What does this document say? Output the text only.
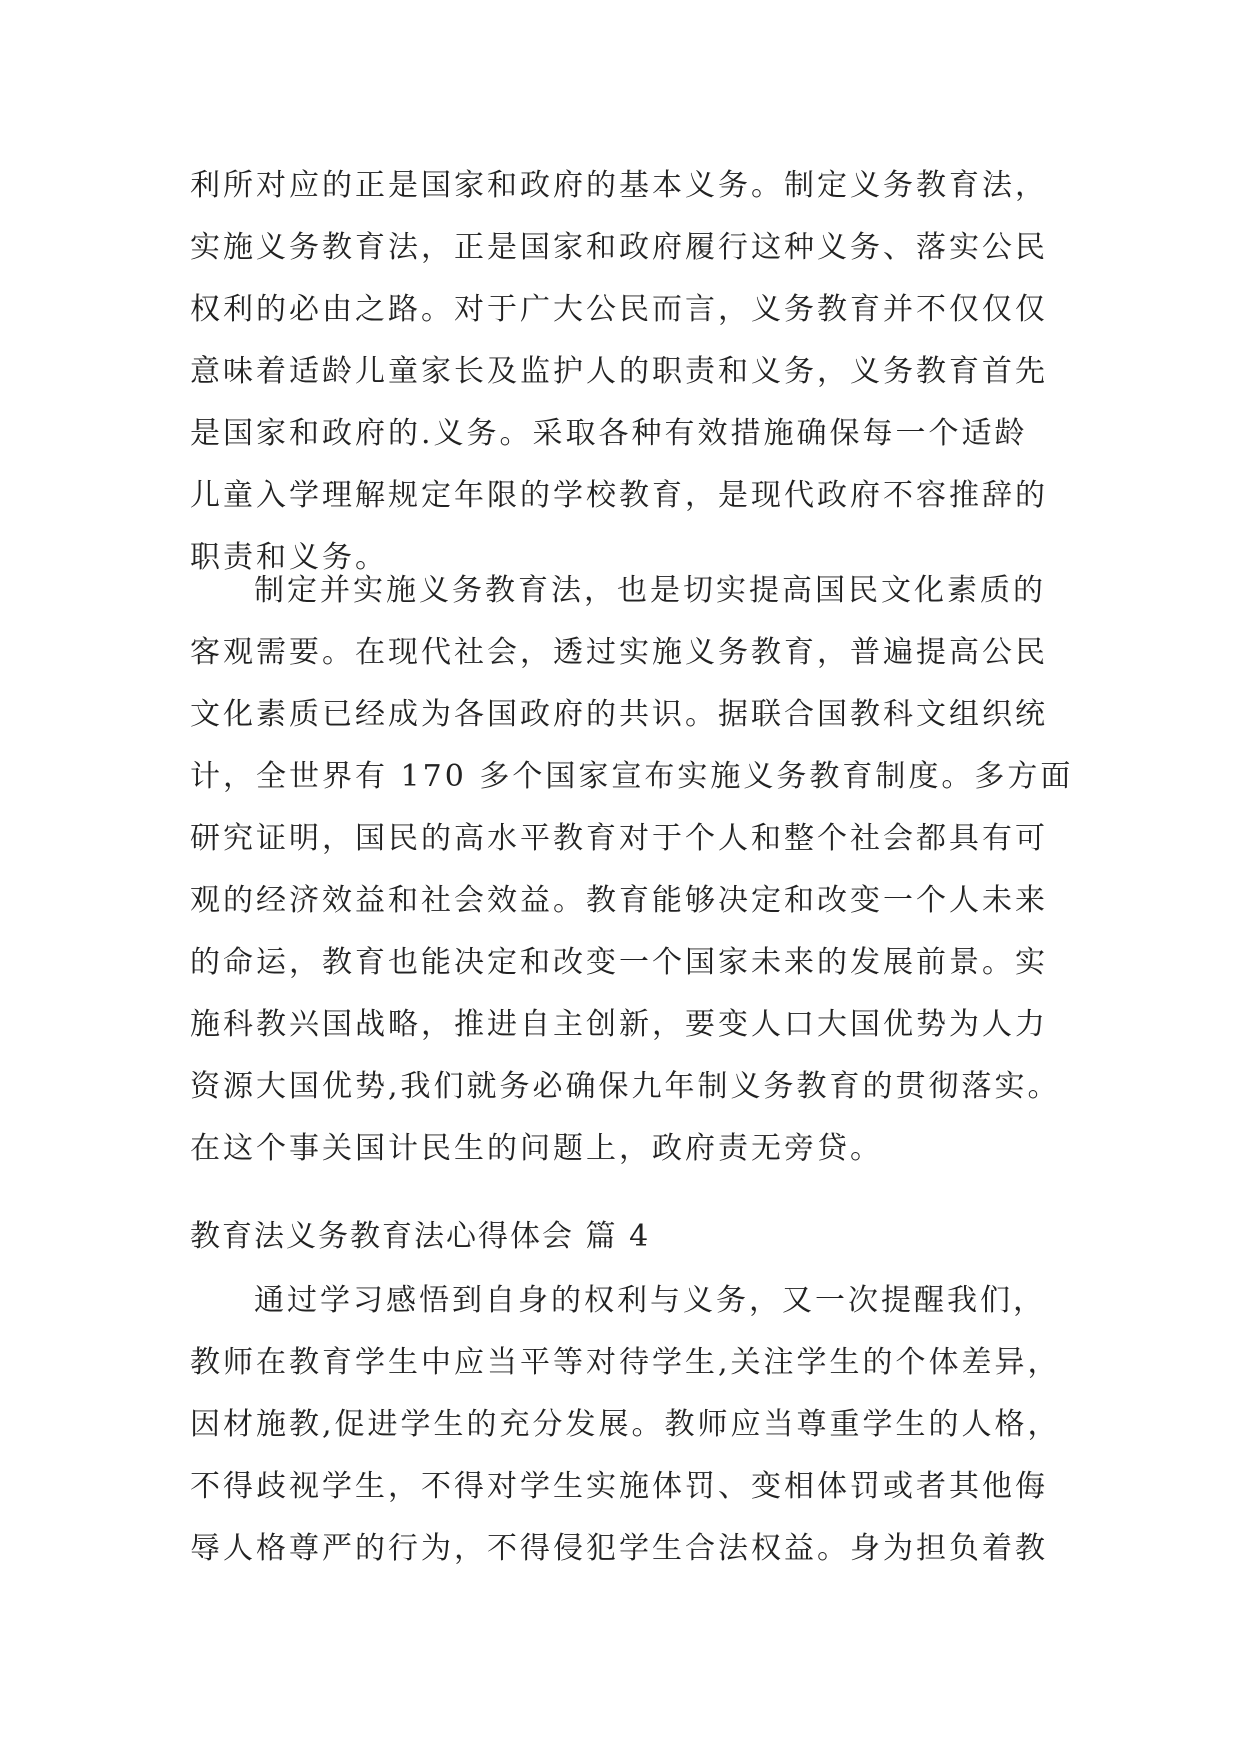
利所对应的正是国家和政府的基本义务。制定义务教育法，
实施义务教育法，正是国家和政府履行这种义务、落实公民
权利的必由之路。对于广大公民而言，义务教育并不仅仅仅
意味着适龄儿童家长及监护人的职责和义务，义务教育首先
是国家和政府的.义务。采取各种有效措施确保每一个适龄
儿童入学理解规定年限的学校教育，是现代政府不容推辞的
职责和义务。
制定并实施义务教育法，也是切实提高国民文化素质的
客观需要。在现代社会，透过实施义务教育，普遍提高公民
文化素质已经成为各国政府的共识。据联合国教科文组织统
计，全世界有 170 多个国家宣布实施义务教育制度。多方面
研究证明，国民的高水平教育对于个人和整个社会都具有可
观的经济效益和社会效益。教育能够决定和改变一个人未来
的命运，教育也能决定和改变一个国家未来的发展前景。实
施科教兴国战略，推进自主创新，要变人口大国优势为人力
资源大国优势,我们就务必确保九年制义务教育的贯彻落实。
在这个事关国计民生的问题上，政府责无旁贷。
教育法义务教育法心得体会 篇 4
通过学习感悟到自身的权利与义务，又一次提醒我们，
教师在教育学生中应当平等对待学生,关注学生的个体差异，
因材施教,促进学生的充分发展。教师应当尊重学生的人格，
不得歧视学生，不得对学生实施体罚、变相体罚或者其他侮
辱人格尊严的行为，不得侵犯学生合法权益。身为担负着教
